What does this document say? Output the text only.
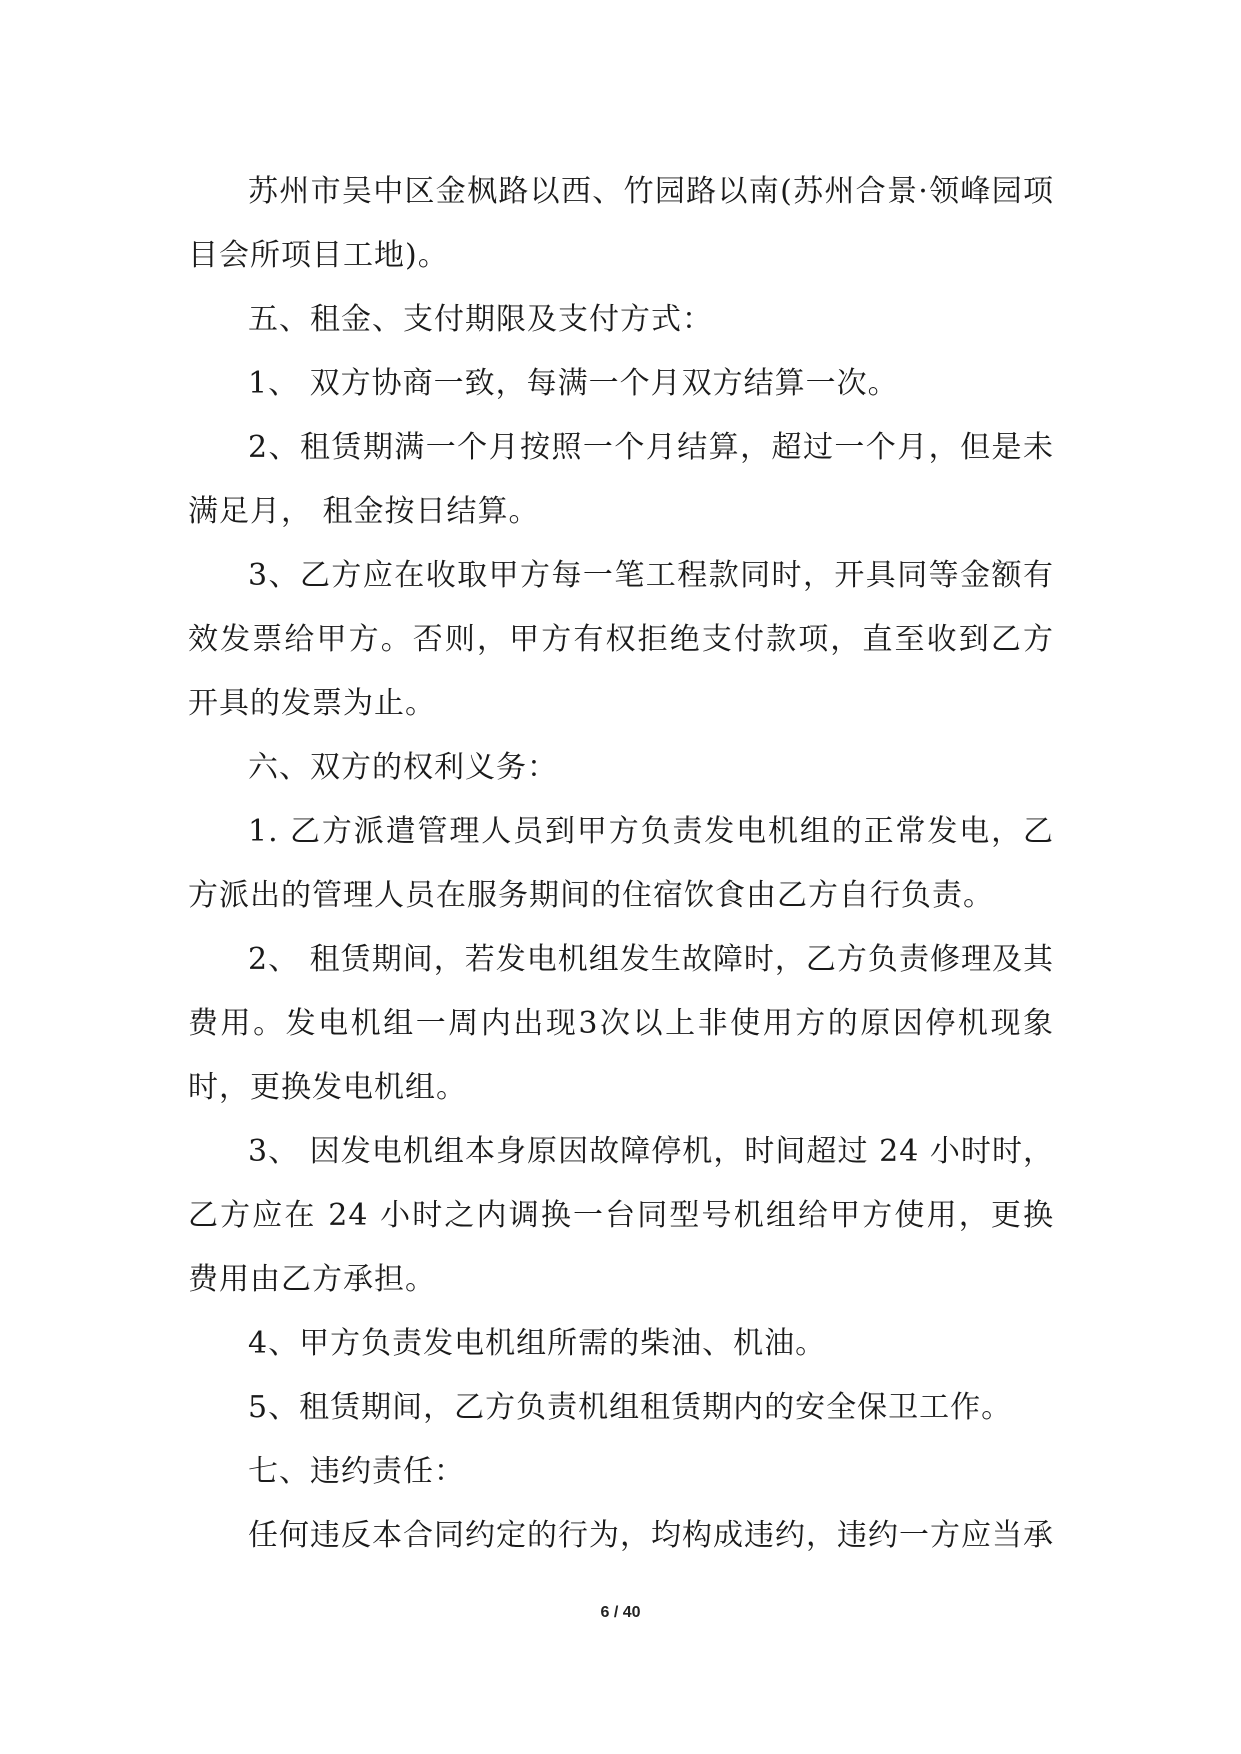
苏州市吴中区金枫路以西、竹园路以南(苏州合景·领峰园项目会所项目工地)。

五、租金、支付期限及支付方式：

1、 双方协商一致，每满一个月双方结算一次。

2、租赁期满一个月按照一个月结算，超过一个月，但是未满足月， 租金按日结算。

3、乙方应在收取甲方每一笔工程款同时，开具同等金额有效发票给甲方。否则，甲方有权拒绝支付款项，直至收到乙方开具的发票为止。

六、双方的权利义务：

1. 乙方派遣管理人员到甲方负责发电机组的正常发电，乙方派出的管理人员在服务期间的住宿饮食由乙方自行负责。

2、 租赁期间，若发电机组发生故障时，乙方负责修理及其费用。发电机组一周内出现3次以上非使用方的原因停机现象时，更换发电机组。

3、 因发电机组本身原因故障停机，时间超过 24 小时时，乙方应在 24 小时之内调换一台同型号机组给甲方使用，更换费用由乙方承担。

4、甲方负责发电机组所需的柴油、机油。

5、租赁期间，乙方负责机组租赁期内的安全保卫工作。

七、违约责任：

任何违反本合同约定的行为，均构成违约，违约一方应当承

6 / 40
